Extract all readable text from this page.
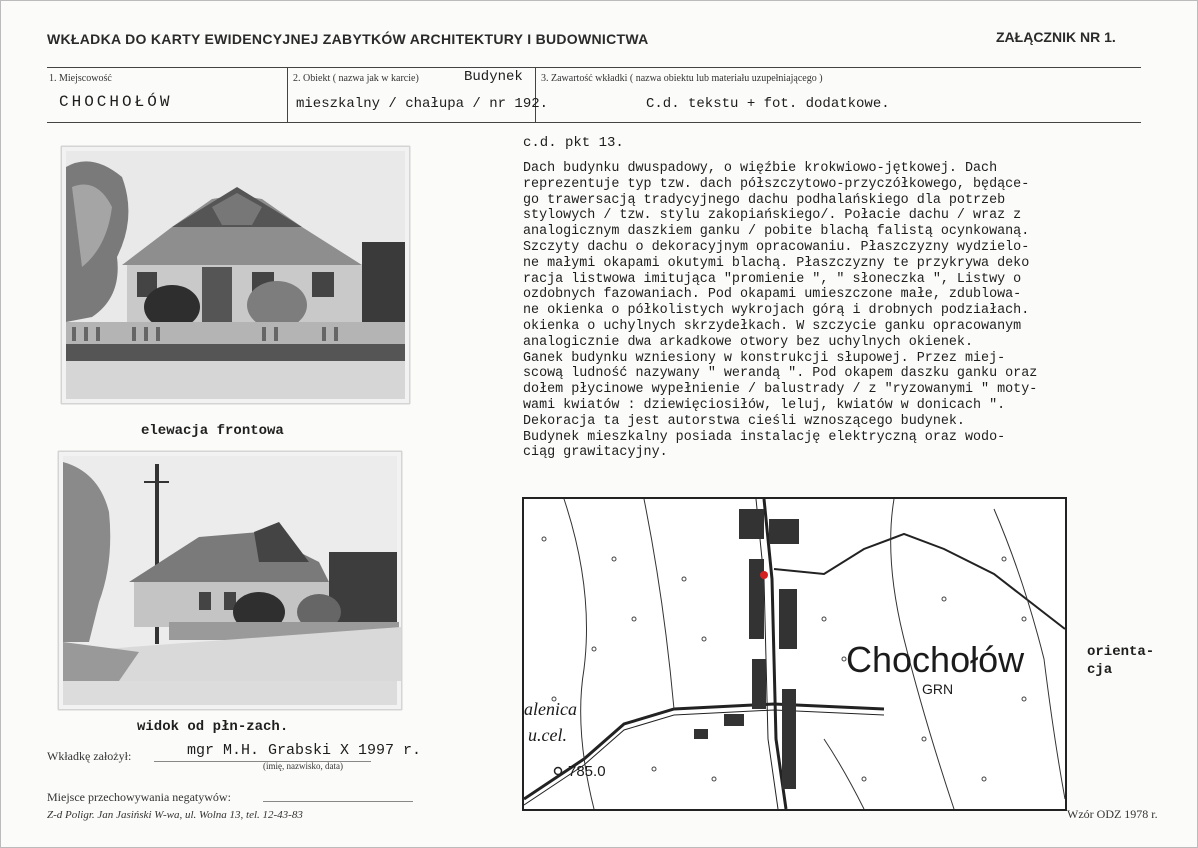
WKŁADKA DO KARTY EWIDENCYJNEJ ZABYTKÓW ARCHITEKTURY I BUDOWNICTWA	ZAŁĄCZNIK NR 1.
1. Miejscowość
CHOCHOŁÓW
2. Obiekt ( nazwa jak w karcie)	Budynek
mieszkalny / chałupa / nr 192.
3. Zawartość wkładki ( nazwa obiektu lub materiału uzupełniającego )
C.d. tekstu + fot. dodatkowe.
elewacja frontowa
widok od płn-zach.
c.d. pkt 13.
Dach budynku dwuspadowy, o więźbie krokwiowo-jętkowej. Dach
reprezentuje typ tzw. dach półszczytowo-przyczółkowego, będące-
go trawersacją tradycyjnego dachu podhalańskiego dla potrzeb
stylowych / tzw. stylu zakopiańskiego/. Połacie dachu / wraz z
analogicznym daszkiem ganku / pobite blachą falistą ocynkowaną.
Szczyty dachu o dekoracyjnym opracowaniu. Płaszczyzny wydzielo-
ne małymi okapami okutymi blachą. Płaszczyzny te przykrywa deko
racja listwowa imitująca "promienie ", " słoneczka ", Listwy o
ozdobnych fazowaniach. Pod okapami umieszczone małe, zdublowa-
ne okienka o półkolistych wykrojach górą i drobnych podziałach.
okienka o uchylnych skrzydełkach. W szczycie ganku opracowanym
analogicznie dwa arkadkowe otwory bez uchylnych okienek.
Ganek budynku wzniesiony w konstrukcji słupowej. Przez miej-
scową ludność nazywany " werandą ". Pod okapem daszku ganku oraz
dołem płycinowe wypełnienie / balustrady / z "ryzowanymi " moty-
wami kwiatów : dziewięciosiłów, leluj, kwiatów w donicach ".
Dekoracja ta jest autorstwa cieśli wznoszącego budynek.
Budynek mieszkalny posiada instalację elektryczną oraz wodo-
ciąg grawitacyjny.
Chochołów
GRN
alenica
u.cel.
785.0
orienta-
cja
Wkładkę założył:	mgr M.H. Grabski X 1997 r.
(imię, nazwisko, data)
Miejsce przechowywania negatywów:
Z-d Poligr. Jan Jasiński W-wa, ul. Wolna 13, tel. 12-43-83	Wzór ODZ 1978 r.
